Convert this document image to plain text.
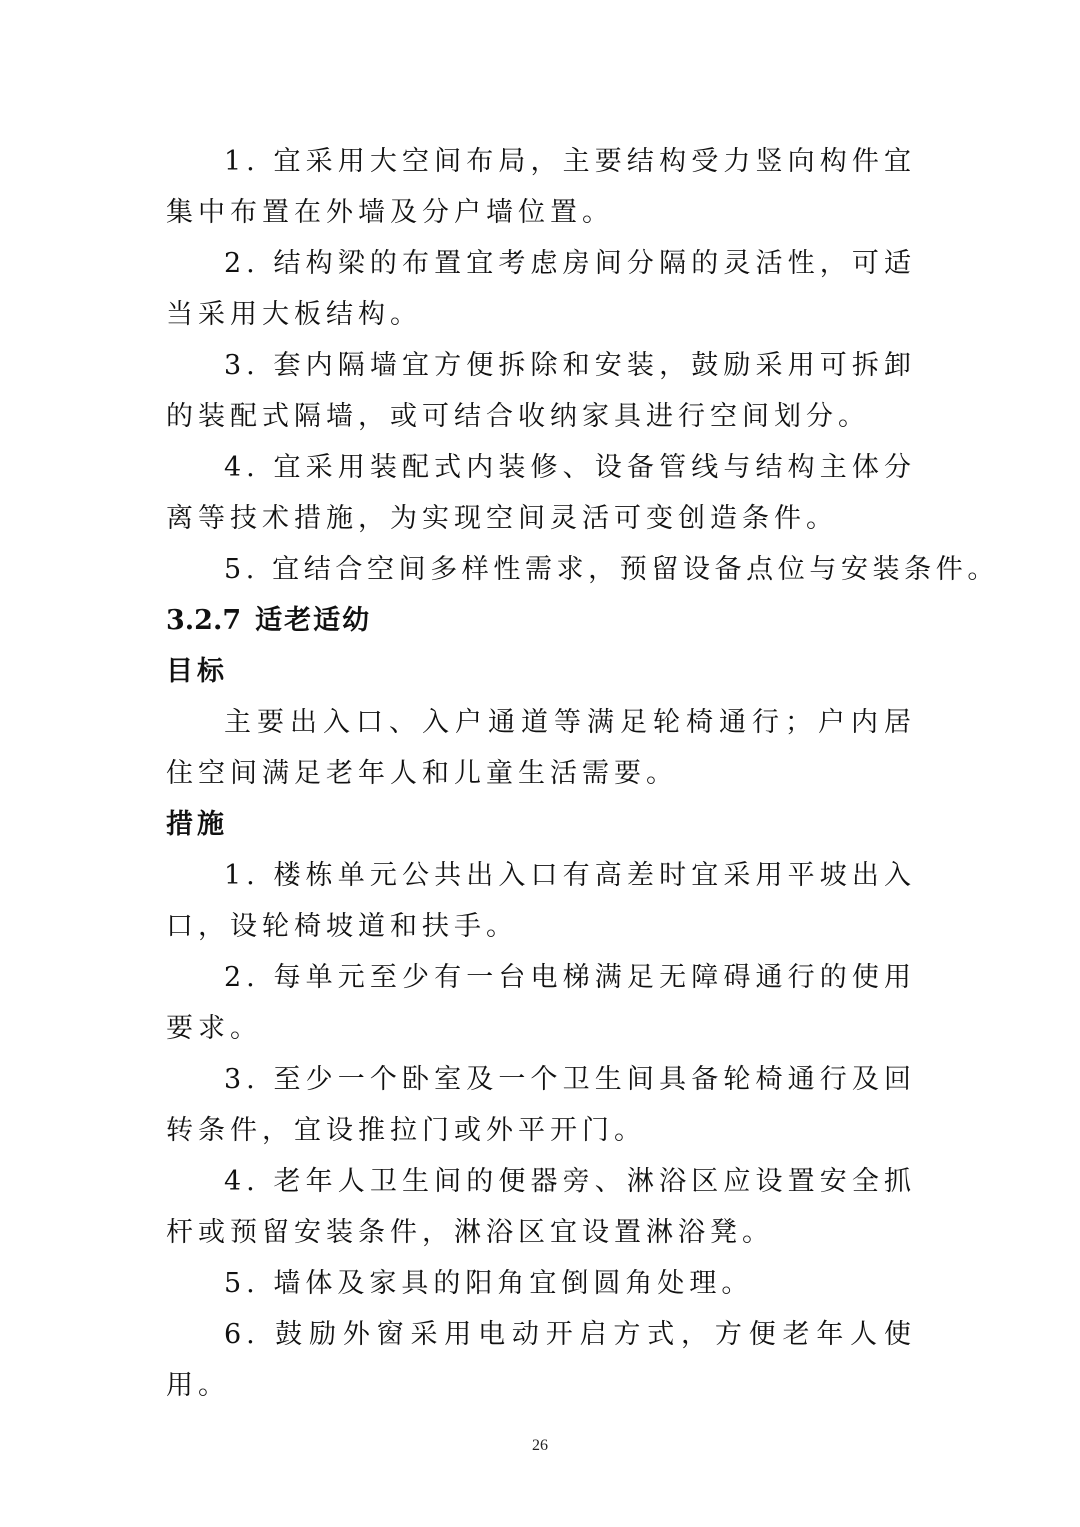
1. 宜采用大空间布局，主要结构受力竖向构件宜集中布置在外墙及分户墙位置。

2. 结构梁的布置宜考虑房间分隔的灵活性，可适当采用大板结构。

3. 套内隔墙宜方便拆除和安装，鼓励采用可拆卸的装配式隔墙，或可结合收纳家具进行空间划分。

4. 宜采用装配式内装修、设备管线与结构主体分离等技术措施，为实现空间灵活可变创造条件。

5. 宜结合空间多样性需求，预留设备点位与安装条件。

3.2.7 适老适幼
目标

主要出入口、入户通道等满足轮椅通行；户内居住空间满足老年人和儿童生活需要。

措施

1. 楼栋单元公共出入口有高差时宜采用平坡出入口，设轮椅坡道和扶手。

2. 每单元至少有一台电梯满足无障碍通行的使用要求。

3. 至少一个卧室及一个卫生间具备轮椅通行及回转条件，宜设推拉门或外平开门。

4. 老年人卫生间的便器旁、淋浴区应设置安全抓杆或预留安装条件，淋浴区宜设置淋浴凳。

5. 墙体及家具的阳角宜倒圆角处理。

6. 鼓励外窗采用电动开启方式，方便老年人使用。

26
